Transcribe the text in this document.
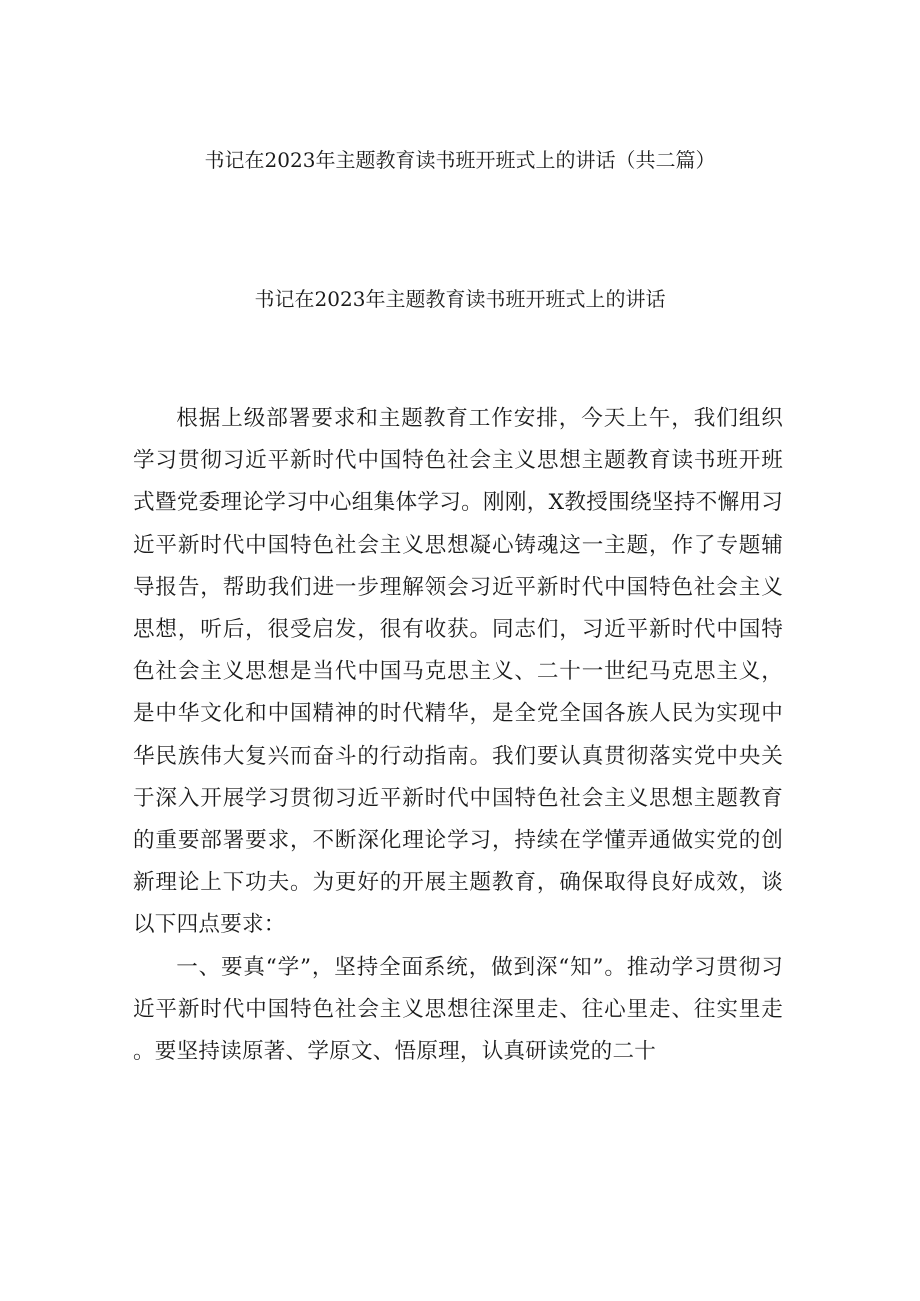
书记在2023年主题教育读书班开班式上的讲话（共二篇）
书记在2023年主题教育读书班开班式上的讲话

根据上级部署要求和主题教育工作安排，今天上午，我们组织学习贯彻习近平新时代中国特色社会主义思想主题教育读书班开班式暨党委理论学习中心组集体学习。刚刚，X教授围绕坚持不懈用习近平新时代中国特色社会主义思想凝心铸魂这一主题，作了专题辅导报告，帮助我们进一步理解领会习近平新时代中国特色社会主义思想，听后，很受启发，很有收获。同志们，习近平新时代中国特色社会主义思想是当代中国马克思主义、二十一世纪马克思主义，是中华文化和中国精神的时代精华，是全党全国各族人民为实现中华民族伟大复兴而奋斗的行动指南。我们要认真贯彻落实党中央关于深入开展学习贯彻习近平新时代中国特色社会主义思想主题教育的重要部署要求，不断深化理论学习，持续在学懂弄通做实党的创新理论上下功夫。为更好的开展主题教育，确保取得良好成效，谈以下四点要求：

一、要真“学”，坚持全面系统，做到深“知”。推动学习贯彻习近平新时代中国特色社会主义思想往深里走、往心里走、往实里走。要坚持读原著、学原文、悟原理，认真研读党的二十
